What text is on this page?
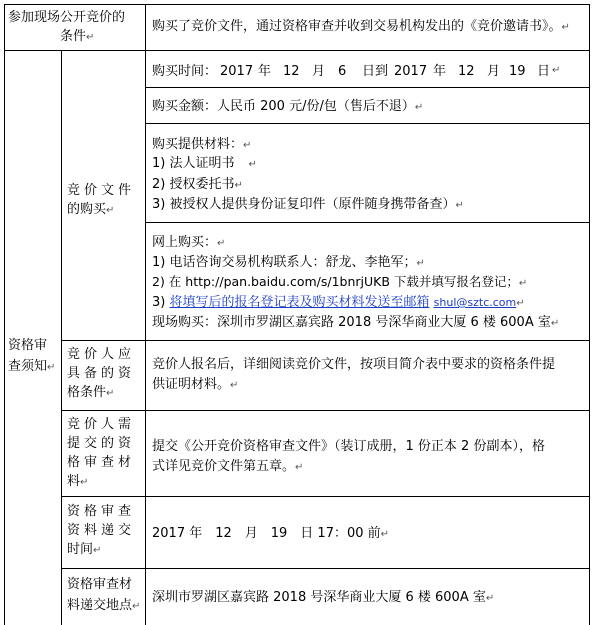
参加现场公开竞价的
条件↵
购买了竞价文件，通过资格审查并收到交易机构发出的《竞价邀请书》。↵
资格审
查须知↵
竞价文件
的购买↵
购买时间： 2017 年 12 月 6 日到 2017 年 12 月 19 日 ↵
购买金额：人民币 200 元/份/包（售后不退）↵
购买提供材料：↵
1) 法人证明书 ↵
2) 授权委托书↵
3) 被授权人提供身份证复印件（原件随身携带备查）↵
网上购买：↵
1) 电话咨询交易机构联系人：舒龙、李艳军；↵
2) 在 http://pan.baidu.com/s/1bnrjUKB 下载并填写报名登记；↵
3) 将填写后的报名登记表及购买材料发送至邮箱 shul@sztc.com↵
现场购买：深圳市罗湖区嘉宾路 2018 号深华商业大厦 6 楼 600A 室↵
竞价人应
具备的资
格条件↵
竞价人报名后，详细阅读竞价文件，按项目简介表中要求的资格条件提
供证明材料。↵
竞价人需
提交的资
格审查材
料↵
提交《公开竞价资格审查文件》（装订成册，1 份正本 2 份副本），格
式详见竞价文件第五章。↵
资格审查
资料递交
时间↵
2017 年　12　月　19　日 17：00 前↵
资格审查材
料递交地点↵
深圳市罗湖区嘉宾路 2018 号深华商业大厦 6 楼 600A 室↵
